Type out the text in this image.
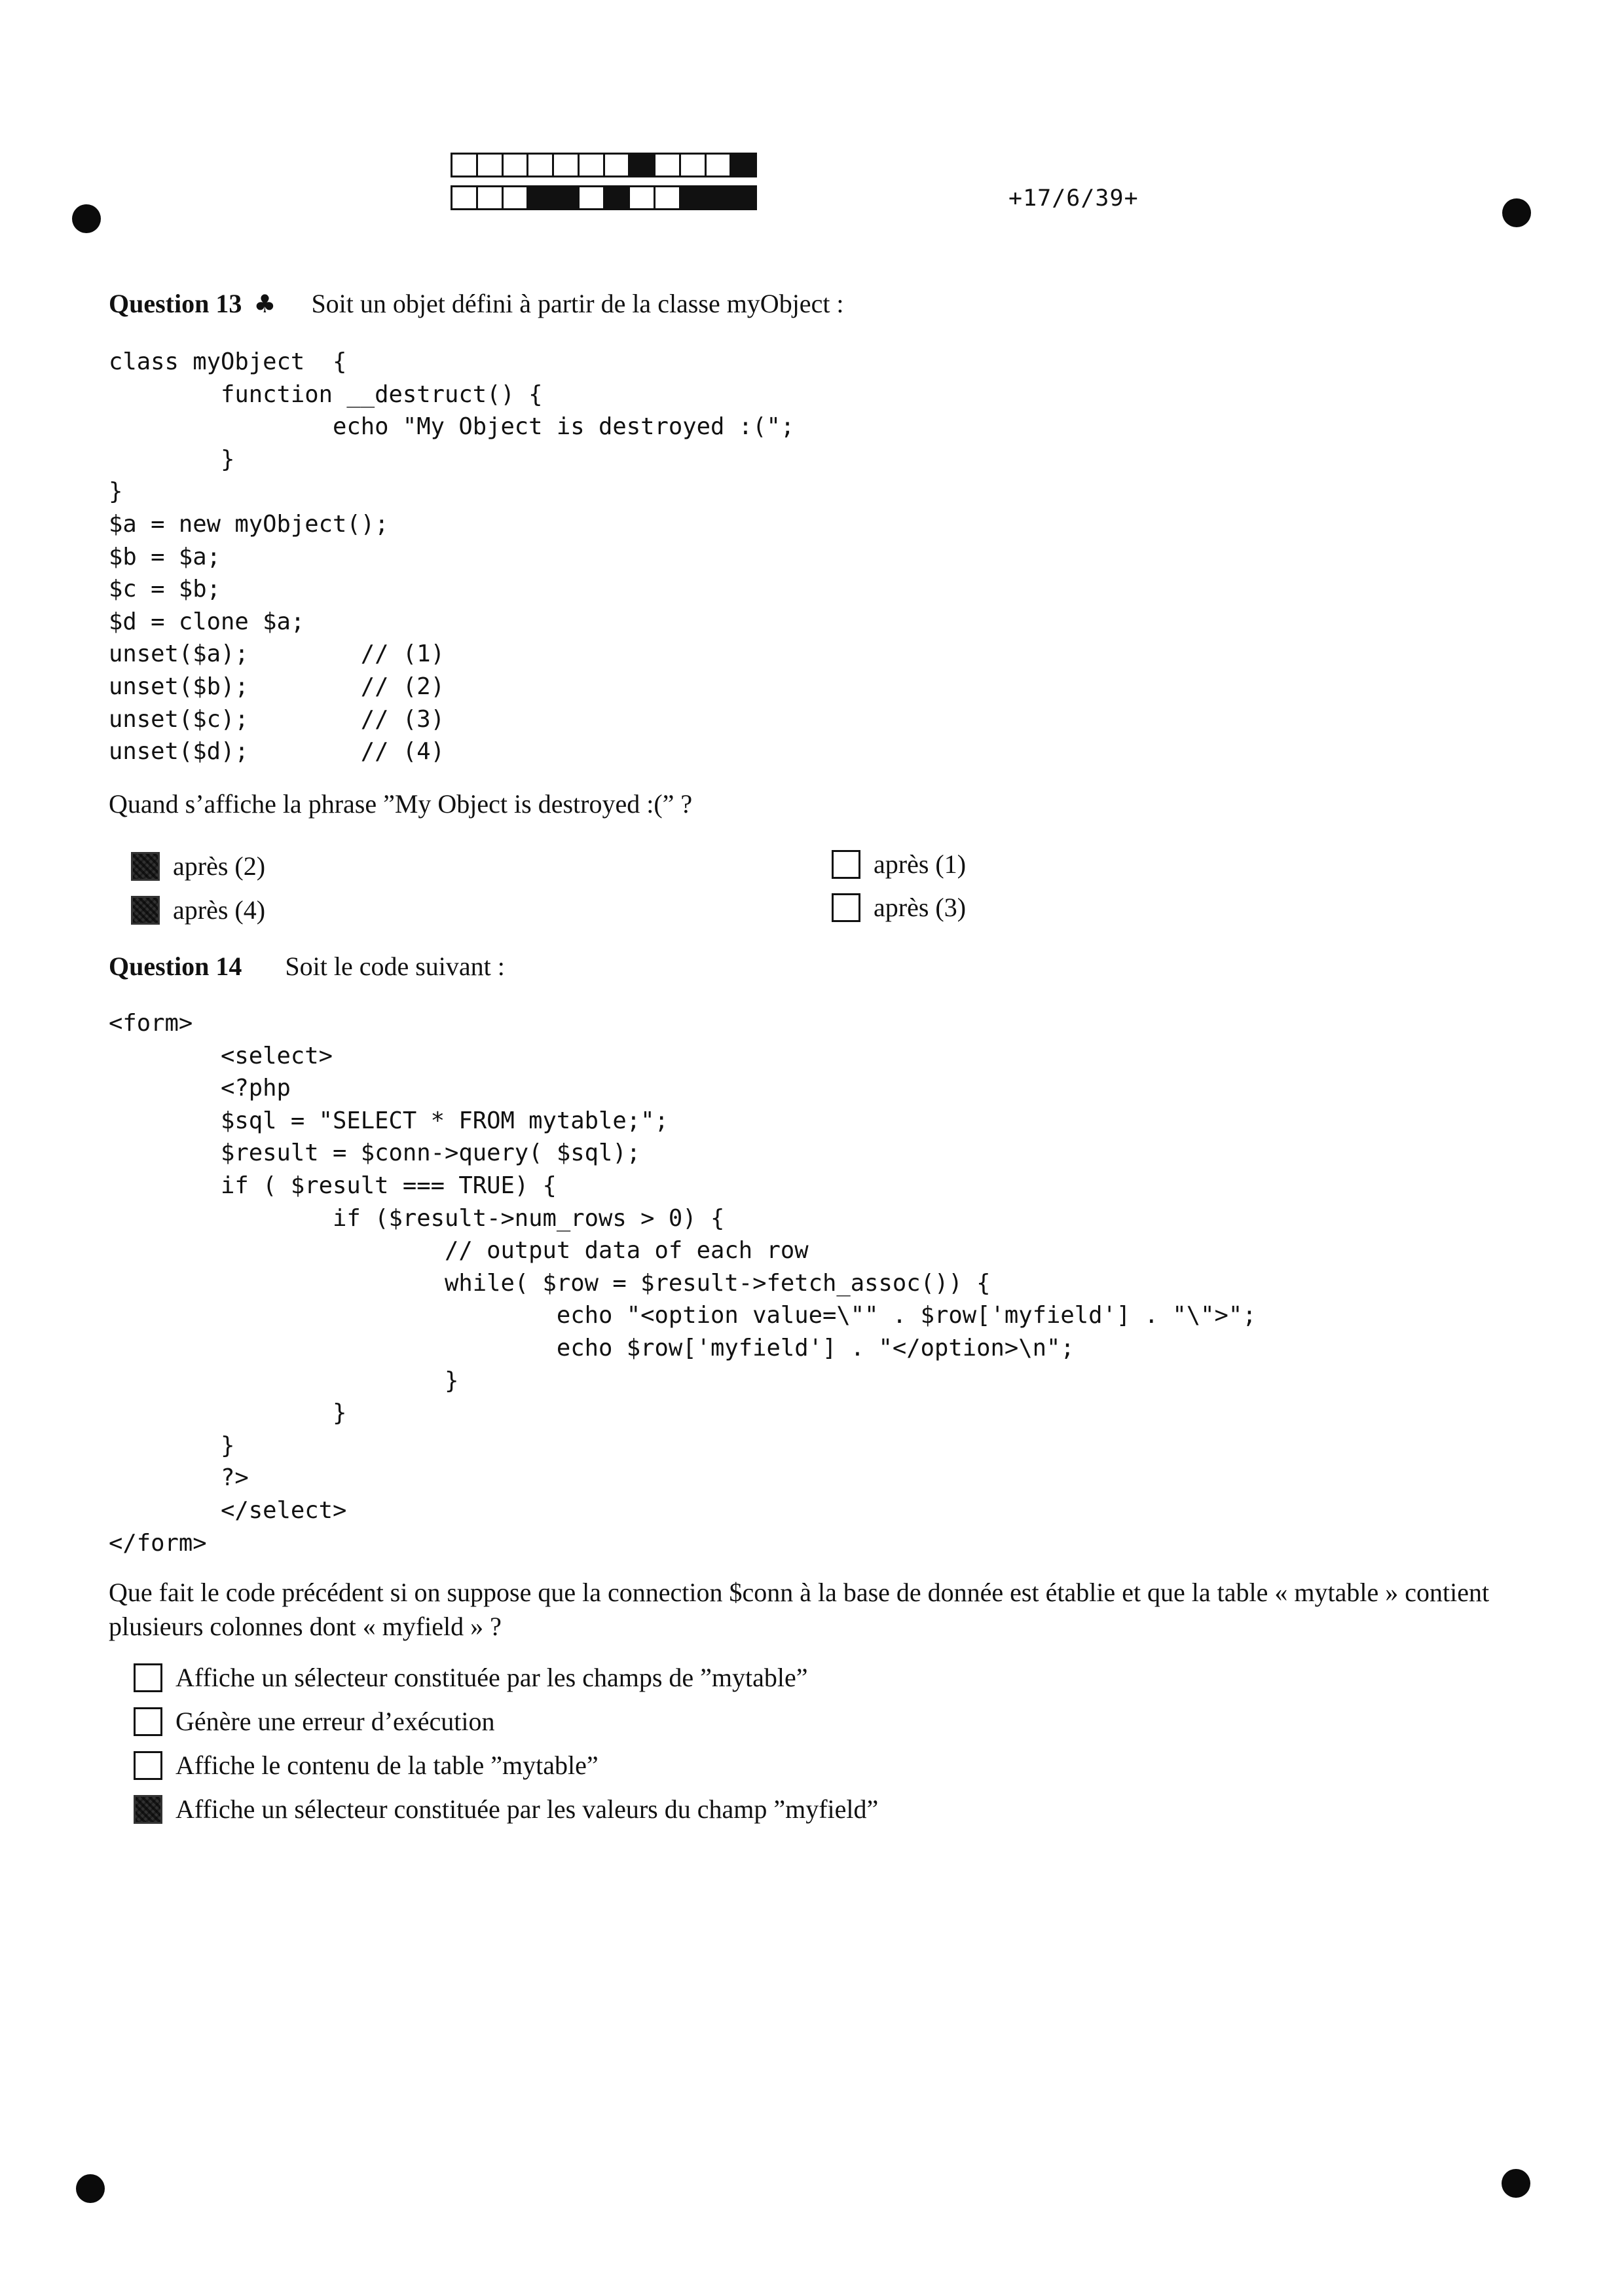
+17/6/39+
Question 13 ♣ Soit un objet défini à partir de la classe myObject :
class myObject  {
function __destruct() {
echo "My Object is destroyed :(";
}
}
$a = new myObject();
$b = $a;
$c = $b;
$d = clone $a;
unset($a);        // (1)
unset($b);        // (2)
unset($c);        // (3)
unset($d);        // (4)
Quand s’affiche la phrase ”My Object is destroyed :(” ?
après (2)
après (4)
après (1)
après (3)
Question 14 Soit le code suivant :
<form>
<select>
<?php
$sql = "SELECT * FROM mytable;";
$result = $conn->query( $sql);
if ( $result === TRUE) {
if ($result->num_rows > 0) {
// output data of each row
while( $row = $result->fetch_assoc()) {
echo "<option value=\"" . $row['myfield'] . "\">";
echo $row['myfield'] . "</option>\n";
}
}
}
?>
</select>
</form>
Que fait le code précédent si on suppose que la connection $conn à la base de donnée est établie et que la table « mytable » contient plusieurs colonnes dont « myfield » ?
Affiche un sélecteur constituée par les champs de ”mytable”
Génère une erreur d’exécution
Affiche le contenu de la table ”mytable”
Affiche un sélecteur constituée par les valeurs du champ ”myfield”
